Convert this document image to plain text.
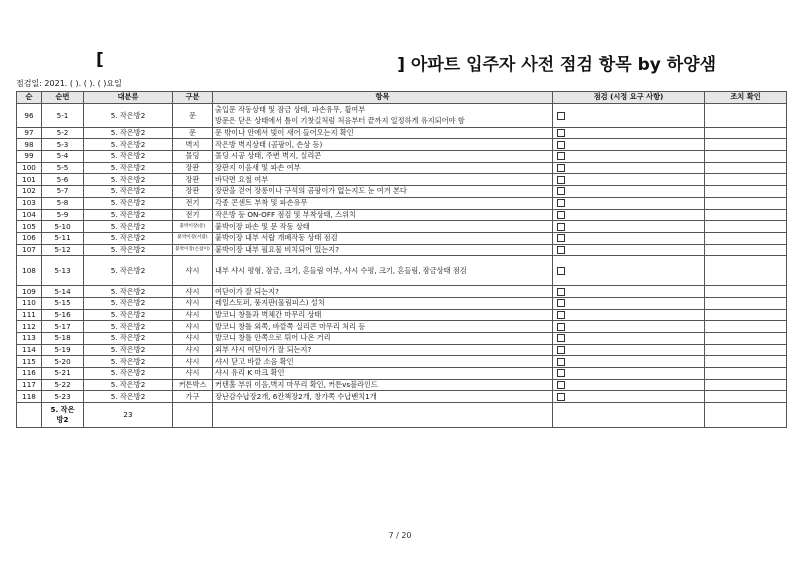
[	] 아파트 입주자 사전 점검 항목 by 하양샘
점검일: 2021. ( ). ( ). ( )요일
순	순번	대분류	구분	항목	점검 (시정 요구 사항)	조치 확인
96	5-1	5. 작은방2	문	출입문 작동상태 및 잠금 상태, 파손유무, 휨여부
방문은 닫은 상태에서 틈이 기찻길처럼 처음부터 끝까지 일정하게 유지되어야 함		
97	5-2	5. 작은방2	문	문 밖이나 안에서 빛이 새어 들어오는지 확인		
98	5-3	5. 작은방2	벽지	작은방 벽지상태 (곰팡이, 손상 등)		
99	5-4	5. 작은방2	몰딩	몰딩 시공 상태, 주변 벽지, 실리콘		
100	5-5	5. 작은방2	장판	장판지 이음새 및 파손 여부		
101	5-6	5. 작은방2	장판	바닥면 요철 여부		
102	5-7	5. 작은방2	장판	장판을 걷어 장롱이나 구석의 곰팡이가 없는지도 눈 여겨 본다		
103	5-8	5. 작은방2	전기	각종 콘센트 부착 및 파손유무		
104	5-9	5. 작은방2	전기	작은방 등 ON-OFF 점검 및 부착상태, 스위치		
105	5-10	5. 작은방2	붙박이장(문)	붙박이장 파손 및 문 작동 상태		
106	5-11	5. 작은방2	붙박이장(서랍)	붙박이장 내부 서랍 개폐작동 상태 점검		
107	5-12	5. 작은방2	붙박이장(손잡이)	붙박이장 내부 필요물 비치되어 있는지?		
108	5-13	5. 작은방2	샤시	내부 샤시 평형, 잠금, 크기, 흔들림 여부, 샤시 수평, 크기, 흔들림, 잠금상태 점검		
109	5-14	5. 작은방2	샤시	여닫이가 잘 되는지?		
110	5-15	5. 작은방2	샤시	레일스토퍼, 풍지판(물림피스) 설치		
111	5-16	5. 작은방2	샤시	발코니 창틀과 벽체간 마무리 상태		
112	5-17	5. 작은방2	샤시	발코니 창틀 외쪽, 바깥쪽 실리콘 마무리 처리 등		
113	5-18	5. 작은방2	샤시	발코니 창틀 안쪽으로 튀어 나온 거리		
114	5-19	5. 작은방2	샤시	외부 샤시 여닫이가 잘 되는지?		
115	5-20	5. 작은방2	샤시	샤시 닫고 바깥 소음 확인		
116	5-21	5. 작은방2	샤시	샤시 유리 K 마크 확인		
117	5-22	5. 작은방2	커튼박스	커텐홀 부위 이음,벽지 마무리 확인, 커튼vs블라인드		
118	5-23	5. 작은방2	가구	장난감수납장2개, 6칸책장2개, 창가쪽 수납벤치1개		
	5. 작은
방2	23				
7 / 20
